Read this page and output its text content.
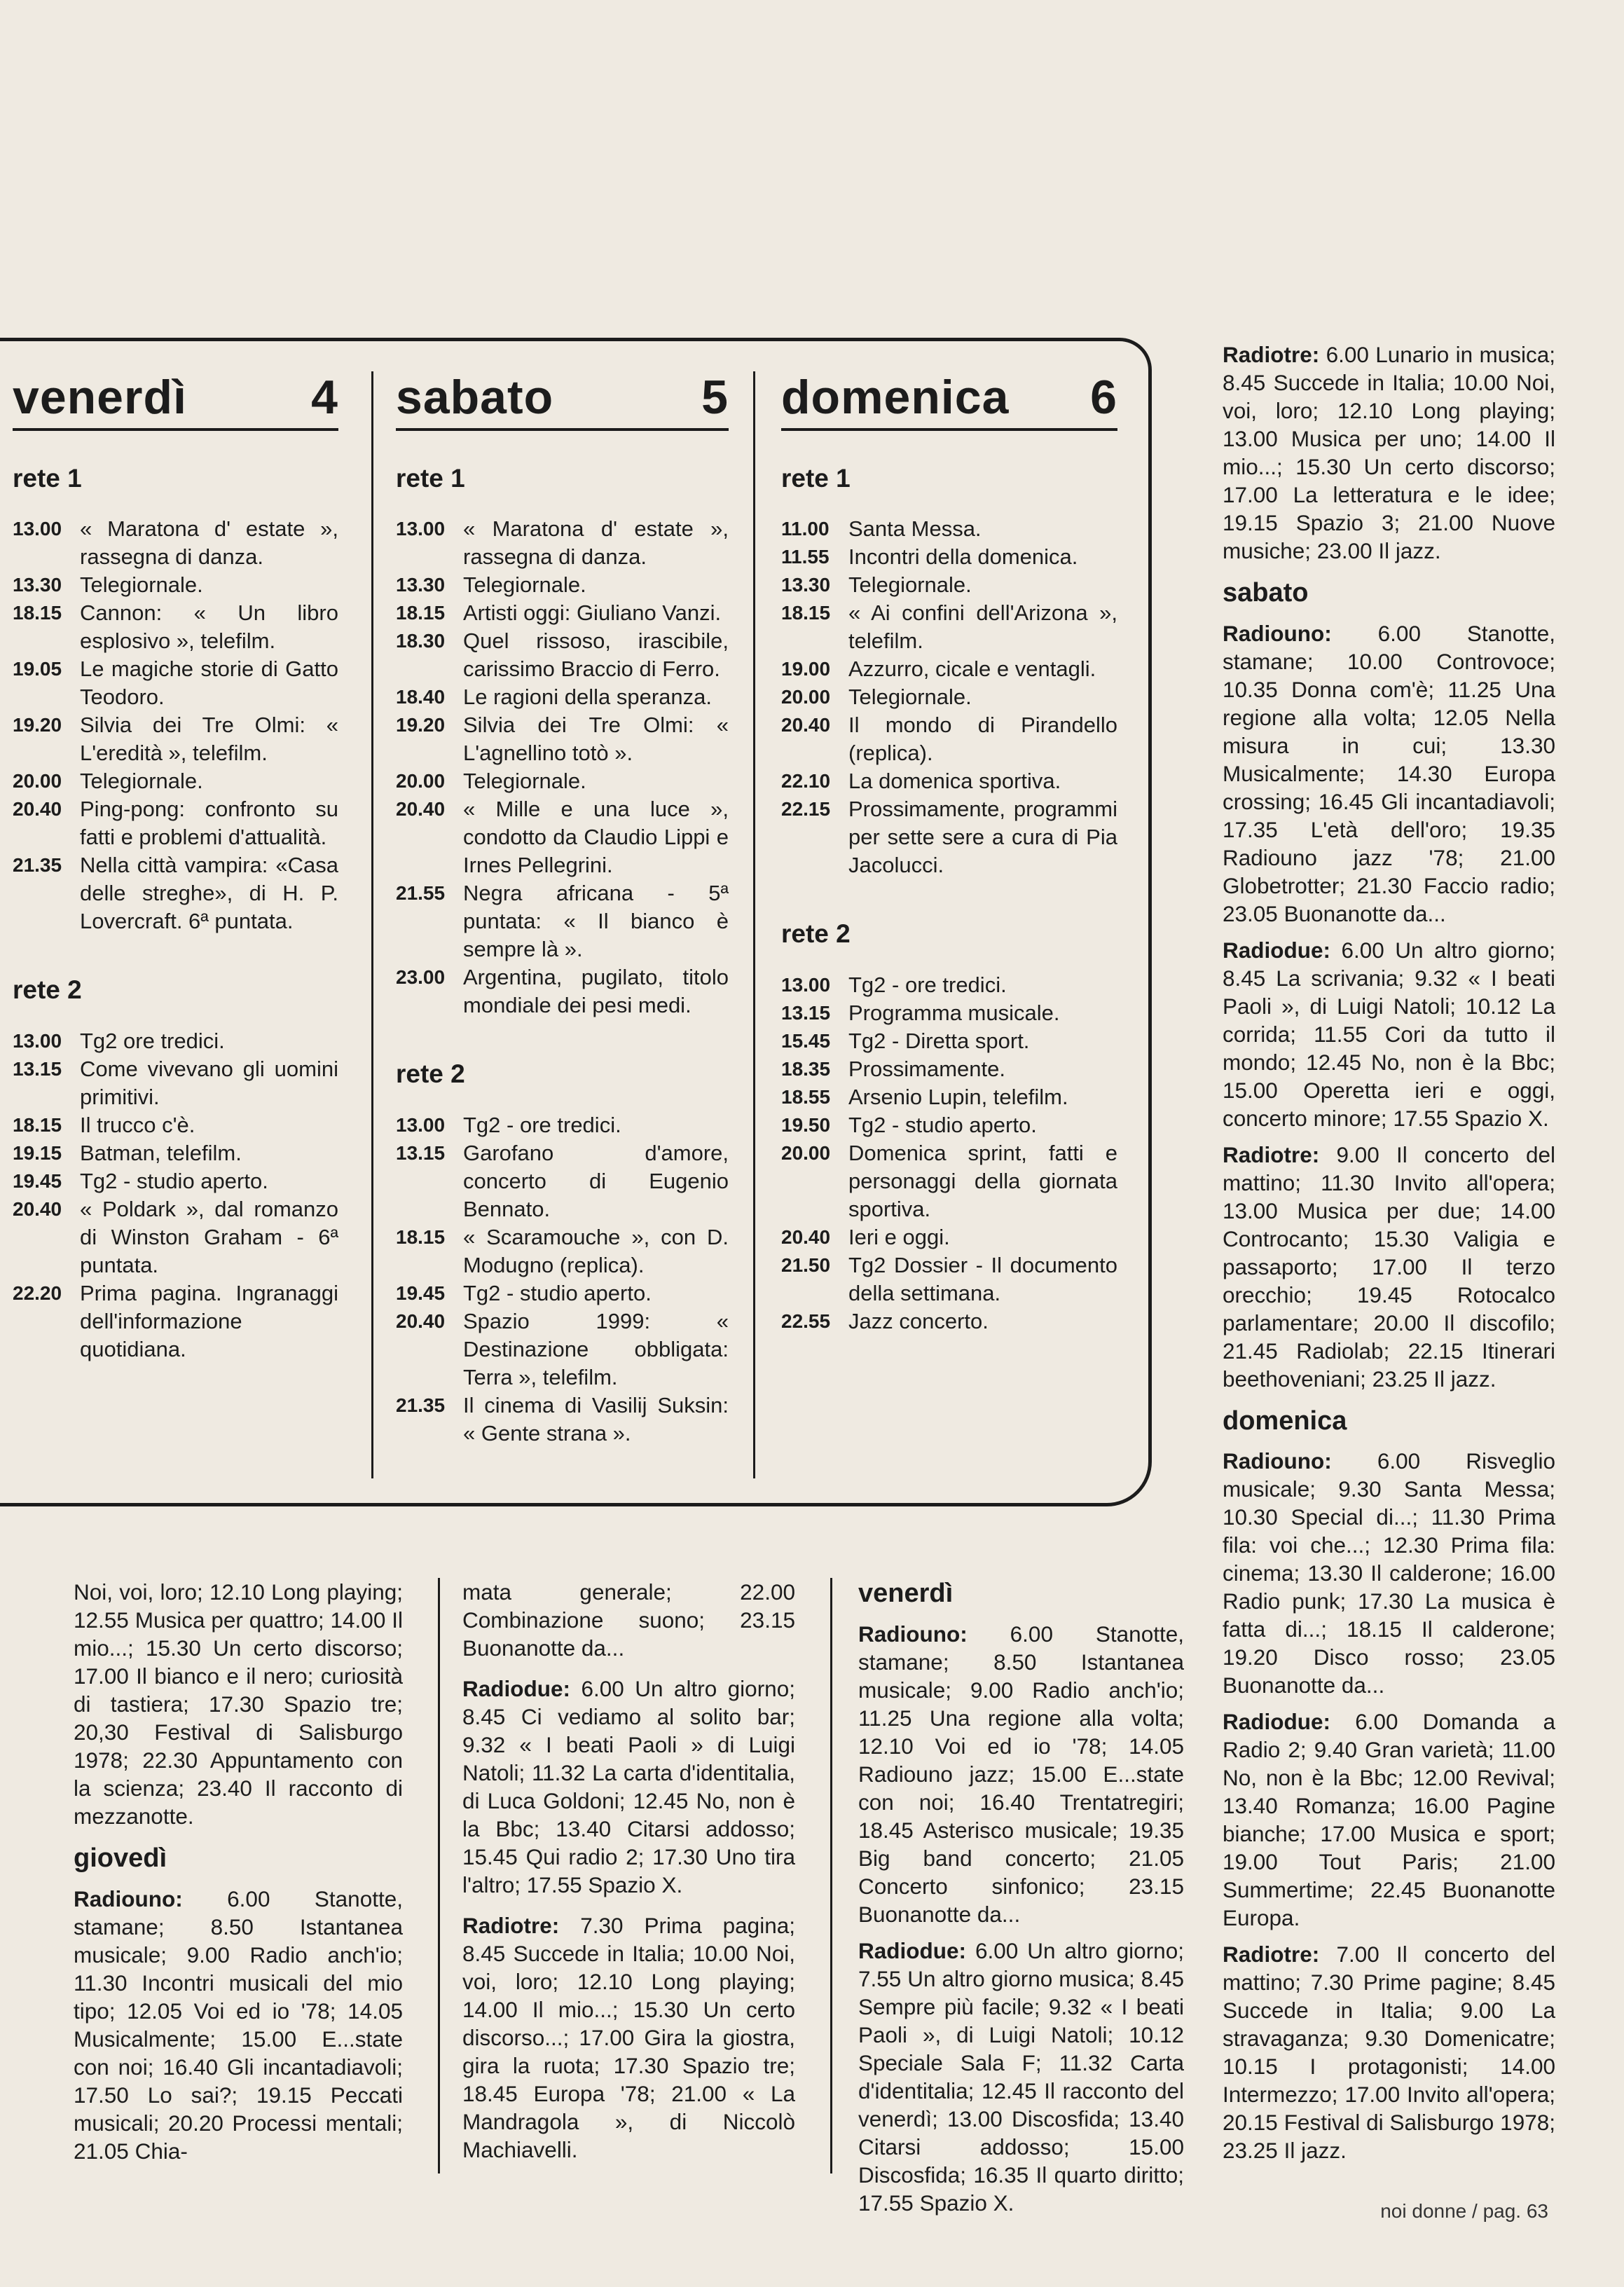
venerdì	4
rete 1
13.00 « Maratona d' estate », rassegna di danza.
13.30 Telegiornale.
18.15 Cannon: « Un libro esplosivo », telefilm.
19.05 Le magiche storie di Gatto Teodoro.
19.20 Silvia dei Tre Olmi: « L'eredità », telefilm.
20.00 Telegiornale.
20.40 Ping-pong: confronto su fatti e problemi d'attualità.
21.35 Nella città vampira: «Casa delle streghe», di H. P. Lovercraft. 6ª puntata.
rete 2
13.00 Tg2 ore tredici.
13.15 Come vivevano gli uomini primitivi.
18.15 Il trucco c'è.
19.15 Batman, telefilm.
19.45 Tg2 - studio aperto.
20.40 « Poldark », dal romanzo di Winston Graham - 6ª puntata.
22.20 Prima pagina. Ingranaggi dell'informazione quotidiana.
sabato	5
rete 1
13.00 « Maratona d' estate », rassegna di danza.
13.30 Telegiornale.
18.15 Artisti oggi: Giuliano Vanzi.
18.30 Quel rissoso, irascibile, carissimo Braccio di Ferro.
18.40 Le ragioni della speranza.
19.20 Silvia dei Tre Olmi: « L'agnellino totò ».
20.00 Telegiornale.
20.40 « Mille e una luce », condotto da Claudio Lippi e Irnes Pellegrini.
21.55 Negra africana - 5ª puntata: « Il bianco è sempre là ».
23.00 Argentina, pugilato, titolo mondiale dei pesi medi.
rete 2
13.00 Tg2 - ore tredici.
13.15 Garofano d'amore, concerto di Eugenio Bennato.
18.15 « Scaramouche », con D. Modugno (replica).
19.45 Tg2 - studio aperto.
20.40 Spazio 1999: « Destinazione obbligata: Terra », telefilm.
21.35 Il cinema di Vasilij Suksin: « Gente strana ».
domenica 6
rete 1
11.00 Santa Messa.
11.55 Incontri della domenica.
13.30 Telegiornale.
18.15 « Ai confini dell'Arizona », telefilm.
19.00 Azzurro, cicale e ventagli.
20.00 Telegiornale.
20.40 Il mondo di Pirandello (replica).
22.10 La domenica sportiva.
22.15 Prossimamente, programmi per sette sere a cura di Pia Jacolucci.
rete 2
13.00 Tg2 - ore tredici.
13.15 Programma musicale.
15.45 Tg2 - Diretta sport.
18.35 Prossimamente.
18.55 Arsenio Lupin, telefilm.
19.50 Tg2 - studio aperto.
20.00 Domenica sprint, fatti e personaggi della giornata sportiva.
20.40 Ieri e oggi.
21.50 Tg2 Dossier - Il documento della settimana.
22.55 Jazz concerto.

Radiotre: 6.00 Lunario in musica; 8.45 Succede in Italia; 10.00 Noi, voi, loro; 12.10 Long playing; 13.00 Musica per uno; 14.00 Il mio...; 15.30 Un certo discorso; 17.00 La letteratura e le idee; 19.15 Spazio 3; 21.00 Nuove musiche; 23.00 Il jazz.

sabato

Radiouno: 6.00 Stanotte, stamane; 10.00 Controvoce; 10.35 Donna com'è; 11.25 Una regione alla volta; 12.05 Nella misura in cui; 13.30 Musicalmente; 14.30 Europa crossing; 16.45 Gli incantadiavoli; 17.35 L'età dell'oro; 19.35 Radiouno jazz '78; 21.00 Globetrotter; 21.30 Faccio radio; 23.05 Buonanotte da...

Radiodue: 6.00 Un altro giorno; 8.45 La scrivania; 9.32 « I beati Paoli », di Luigi Natoli; 10.12 La corrida; 11.55 Cori da tutto il mondo; 12.45 No, non è la Bbc; 15.00 Operetta ieri e oggi, concerto minore; 17.55 Spazio X.

Radiotre: 9.00 Il concerto del mattino; 11.30 Invito all'opera; 13.00 Musica per due; 14.00 Controcanto; 15.30 Valigia e passaporto; 17.00 Il terzo orecchio; 19.45 Rotocalco parlamentare; 20.00 Il discofilo; 21.45 Radiolab; 22.15 Itinerari beethoveniani; 23.25 Il jazz.

domenica

Radiouno: 6.00 Risveglio musicale; 9.30 Santa Messa; 10.30 Special di...; 11.30 Prima fila: voi che...; 12.30 Prima fila: cinema; 13.30 Il calderone; 16.00 Radio punk; 17.30 La musica è fatta di...; 18.15 Il calderone; 19.20 Disco rosso; 23.05 Buonanotte da...

Radiodue: 6.00 Domanda a Radio 2; 9.40 Gran varietà; 11.00 No, non è la Bbc; 12.00 Revival; 13.40 Romanza; 16.00 Pagine bianche; 17.00 Musica e sport; 19.00 Tout Paris; 21.00 Summertime; 22.45 Buonanotte Europa.

Radiotre: 7.00 Il concerto del mattino; 7.30 Prime pagine; 8.45 Succede in Italia; 9.00 La stravaganza; 9.30 Domenicatre; 10.15 I protagonisti; 14.00 Intermezzo; 17.00 Invito all'opera; 20.15 Festival di Salisburgo 1978; 23.25 Il jazz.

Noi, voi, loro; 12.10 Long playing; 12.55 Musica per quattro; 14.00 Il mio...; 15.30 Un certo discorso; 17.00 Il bianco e il nero; curiosità di tastiera; 17.30 Spazio tre; 20,30 Festival di Salisburgo 1978; 22.30 Appuntamento con la scienza; 23.40 Il racconto di mezzanotte.

giovedì

Radiouno: 6.00 Stanotte, stamane; 8.50 Istantanea musicale; 9.00 Radio anch'io; 11.30 Incontri musicali del mio tipo; 12.05 Voi ed io '78; 14.05 Musicalmente; 15.00 E...state con noi; 16.40 Gli incantadiavoli; 17.50 Lo sai?; 19.15 Peccati musicali; 20.20 Processi mentali; 21.05 Chia-

mata generale; 22.00 Combinazione suono; 23.15 Buonanotte da...

Radiodue: 6.00 Un altro giorno; 8.45 Ci vediamo al solito bar; 9.32 « I beati Paoli » di Luigi Natoli; 11.32 La carta d'identitalia, di Luca Goldoni; 12.45 No, non è la Bbc; 13.40 Citarsi addosso; 15.45 Qui radio 2; 17.30 Uno tira l'altro; 17.55 Spazio X.

Radiotre: 7.30 Prima pagina; 8.45 Succede in Italia; 10.00 Noi, voi, loro; 12.10 Long playing; 14.00 Il mio...; 15.30 Un certo discorso...; 17.00 Gira la giostra, gira la ruota; 17.30 Spazio tre; 18.45 Europa '78; 21.00 « La Mandragola », di Niccolò Machiavelli.

venerdì

Radiouno: 6.00 Stanotte, stamane; 8.50 Istantanea musicale; 9.00 Radio anch'io; 11.25 Una regione alla volta; 12.10 Voi ed io '78; 14.05 Radiouno jazz; 15.00 E...state con noi; 16.40 Trentatregiri; 18.45 Asterisco musicale; 19.35 Big band concerto; 21.05 Concerto sinfonico; 23.15 Buonanotte da...

Radiodue: 6.00 Un altro giorno; 7.55 Un altro giorno musica; 8.45 Sempre più facile; 9.32 « I beati Paoli », di Luigi Natoli; 10.12 Speciale Sala F; 11.32 Carta d'identitalia; 12.45 Il racconto del venerdì; 13.00 Discosfida; 13.40 Citarsi addosso; 15.00 Discosfida; 16.35 Il quarto diritto; 17.55 Spazio X.	noi donne / pag. 63
